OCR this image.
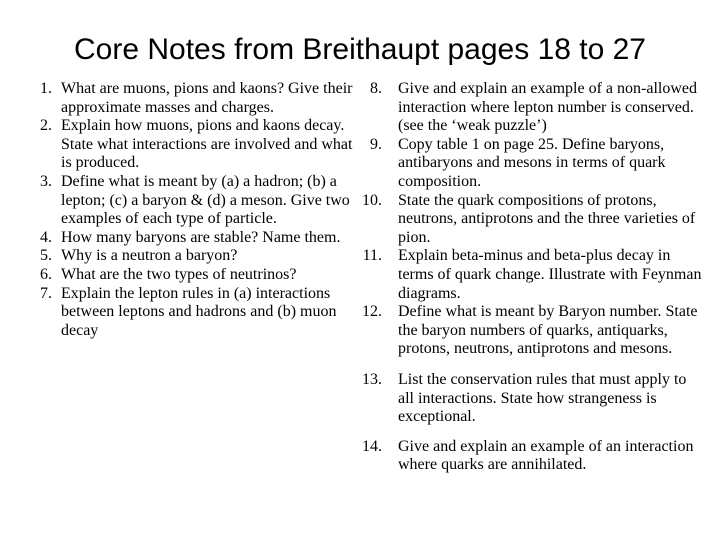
Core Notes from Breithaupt pages 18 to 27
1. What are muons, pions and kaons? Give their approximate masses and charges.
2. Explain how muons, pions and kaons decay. State what interactions are involved and what is produced.
3. Define what is meant by (a) a hadron; (b) a lepton; (c) a baryon & (d) a meson. Give two examples of each type of particle.
4. How many baryons are stable? Name them.
5. Why is a neutron a baryon?
6. What are the two types of neutrinos?
7. Explain the lepton rules in (a) interactions between leptons and hadrons and (b) muon decay
8.	Give and explain an example of a non-allowed interaction where lepton number is conserved. (see the ‘weak puzzle’)
9.	Copy table 1 on page 25. Define baryons, antibaryons and mesons in terms of quark composition.
10.	State the quark compositions of protons, neutrons, antiprotons and the three varieties of pion.
11.	Explain beta-minus and beta-plus decay in terms of quark change. Illustrate with Feynman diagrams.
12.	Define what is meant by Baryon number. State the baryon numbers of quarks, antiquarks, protons, neutrons, antiprotons and mesons.
13.	List the conservation rules that must apply to all interactions. State how strangeness is exceptional.
14.	Give and explain an example of an interaction where quarks are annihilated.
